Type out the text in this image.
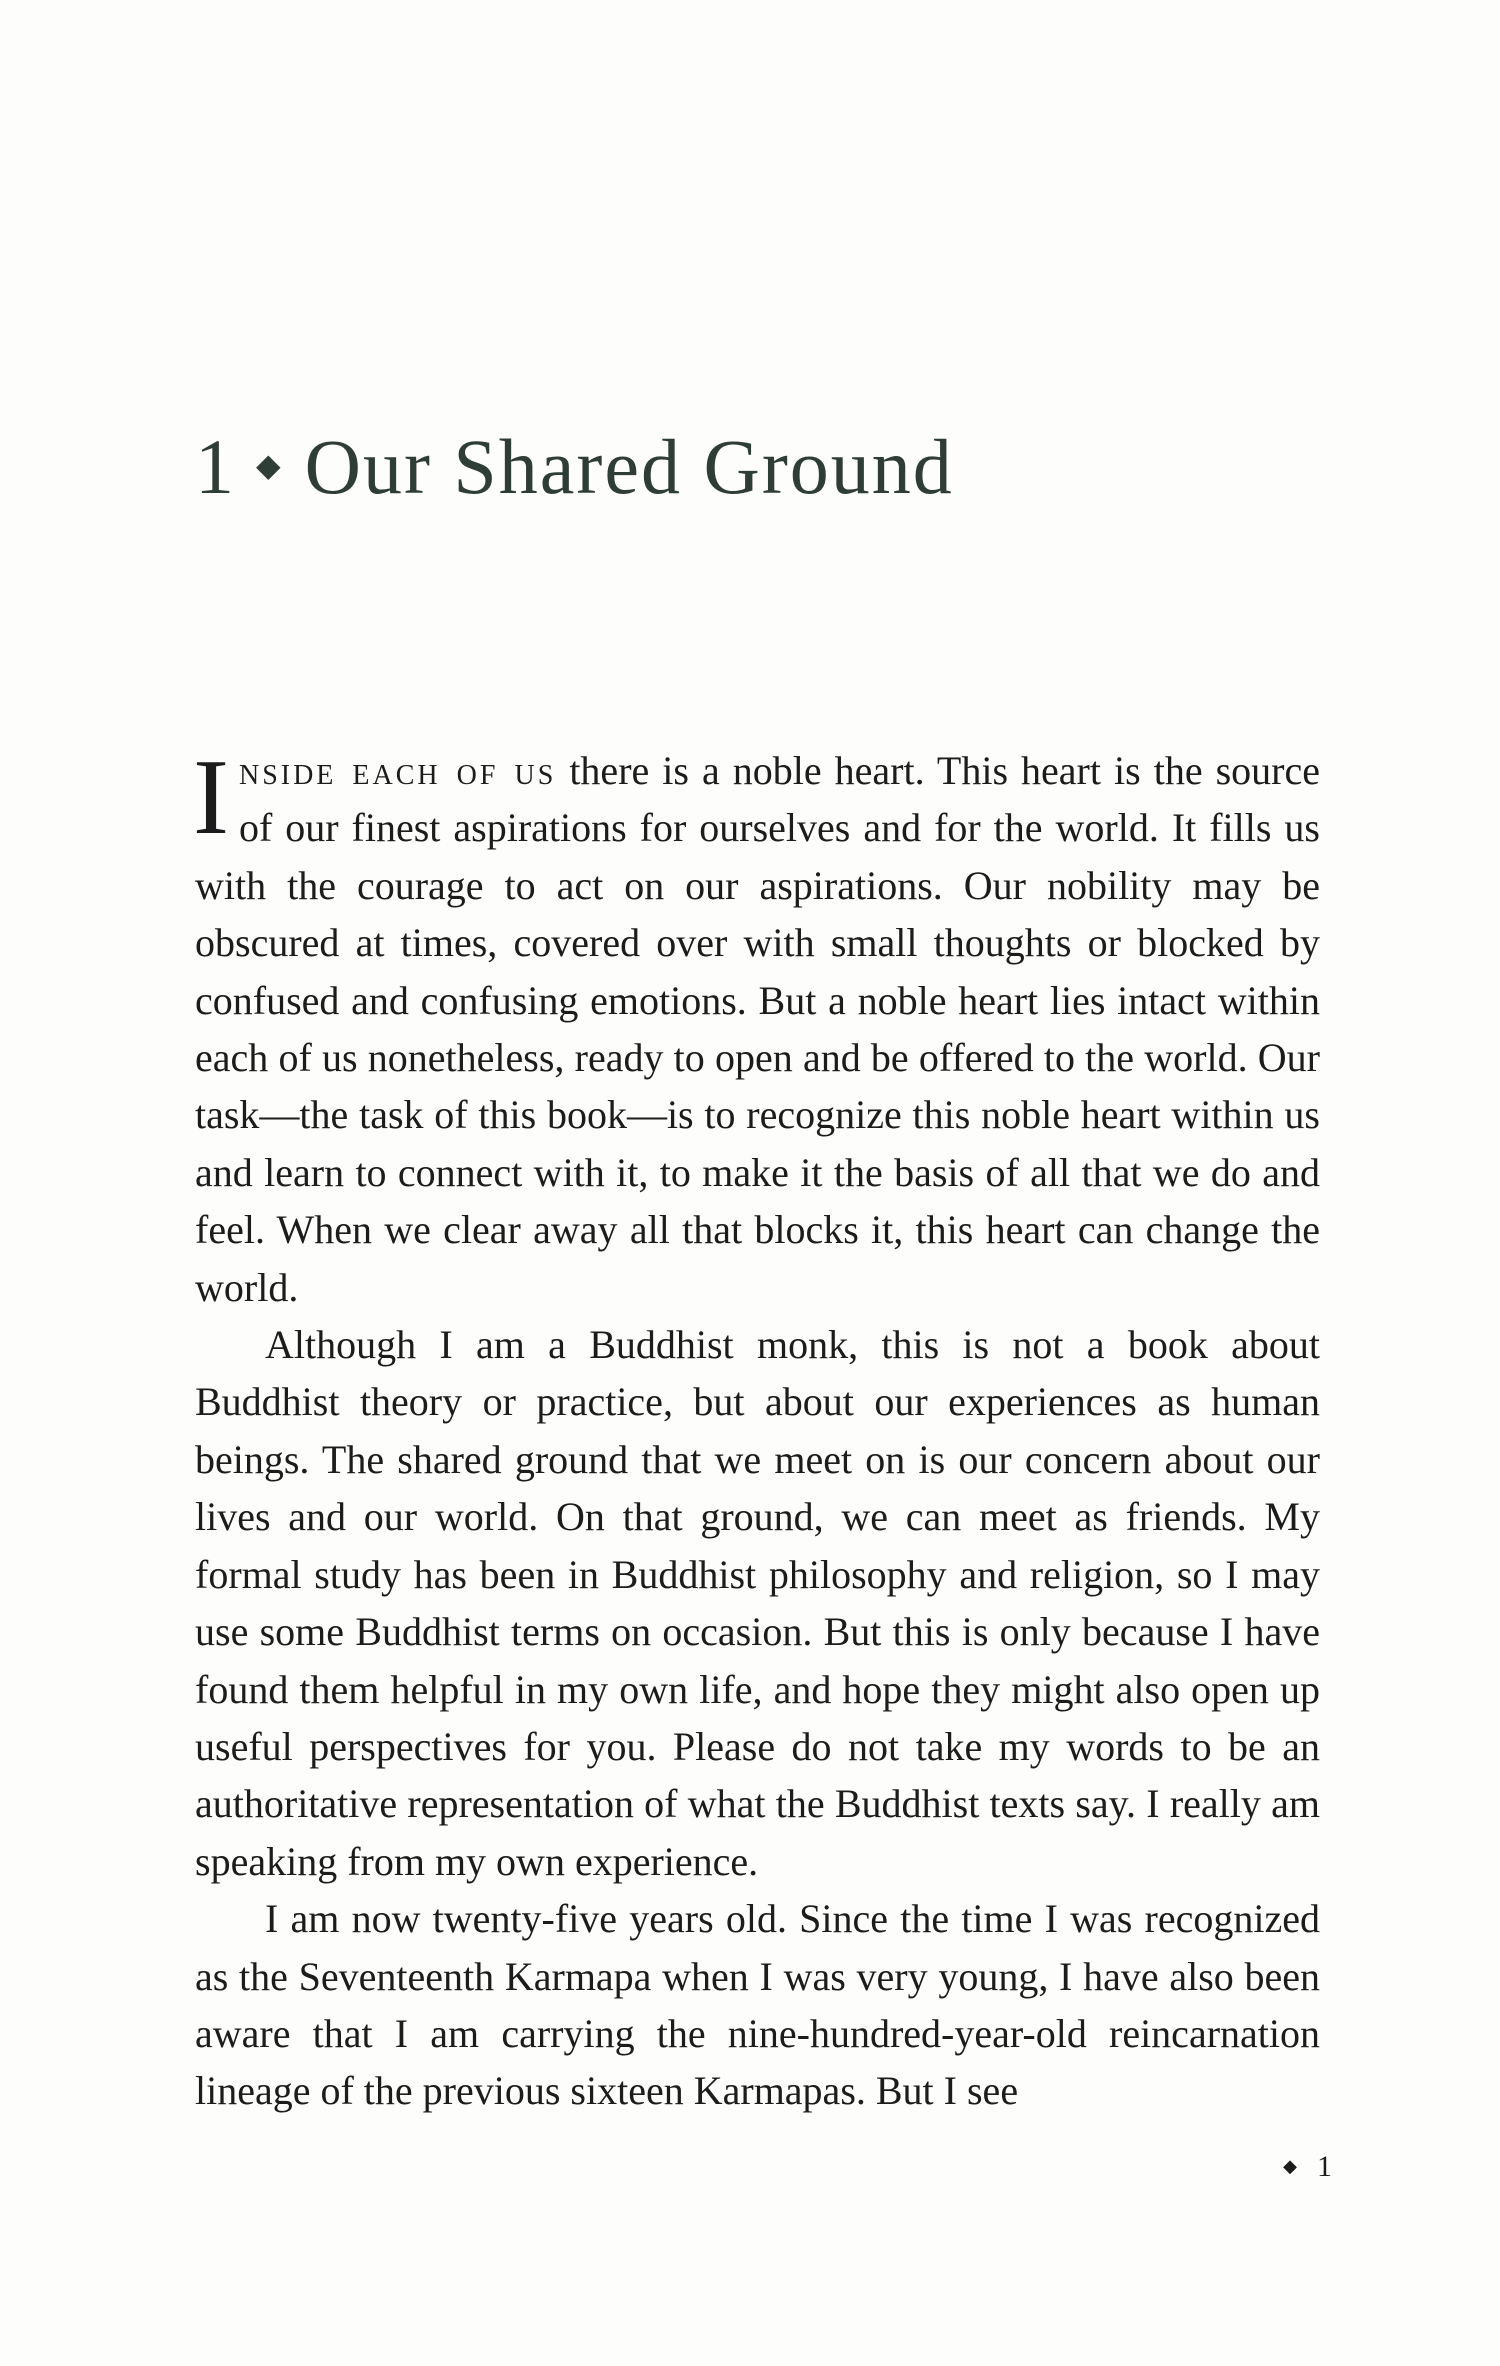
1 ◆ Our Shared Ground

Inside each of us there is a noble heart. This heart is the source of our finest aspirations for ourselves and for the world. It fills us with the courage to act on our aspirations. Our nobility may be obscured at times, covered over with small thoughts or blocked by confused and confusing emotions. But a noble heart lies intact within each of us nonetheless, ready to open and be offered to the world. Our task—the task of this book—is to recognize this noble heart within us and learn to connect with it, to make it the basis of all that we do and feel. When we clear away all that blocks it, this heart can change the world.

Although I am a Buddhist monk, this is not a book about Buddhist theory or practice, but about our experiences as human beings. The shared ground that we meet on is our concern about our lives and our world. On that ground, we can meet as friends. My formal study has been in Buddhist philosophy and religion, so I may use some Buddhist terms on occasion. But this is only because I have found them helpful in my own life, and hope they might also open up useful perspectives for you. Please do not take my words to be an authoritative representation of what the Buddhist texts say. I really am speaking from my own experience.

I am now twenty-five years old. Since the time I was recognized as the Seventeenth Karmapa when I was very young, I have also been aware that I am carrying the nine-hundred-year-old reincarnation lineage of the previous sixteen Karmapas. But I see

◆ 1
